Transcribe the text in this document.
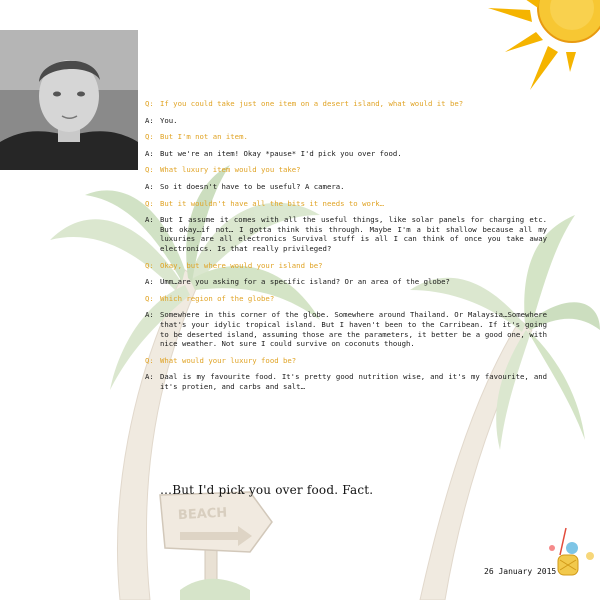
BEACH
Q: If you could take just one item on a desert island, what would it be?
A: You.
Q: But I'm not an item.
A: But we're an item! Okay *pause* I'd pick you over food.
Q: What luxury item would you take?
A: So it doesn't have to be useful? A camera.
Q: But it wouldn't have all the bits it needs to work…
A: But I assume it comes with all the useful things, like solar panels for charging etc. But okay…if not… I gotta think this through. Maybe I'm a bit shallow because all my luxuries are all electronics Survival stuff is all I can think of once you take away electronics. Is that really privileged?
Q: Okay, but where would your island be?
A: Umm…are you asking for a specific island? Or an area of the globe?
Q: Which region of the globe?
A: Somewhere in this corner of the globe. Somewhere around Thailand. Or Malaysia…Somewhere that's your idylic tropical island. But I haven't been to the Carribean. If it's going to be deserted island, assuming those are the parameters, it better be a good one, with nice weather. Not sure I could survive on coconuts though.
Q: What would your luxury food be?
A: Daal is my favourite food. It's pretty good nutrition wise, and it's my favourite, and it's protien, and carbs and salt…
…But I'd pick you over food. Fact.
26 January 2015
